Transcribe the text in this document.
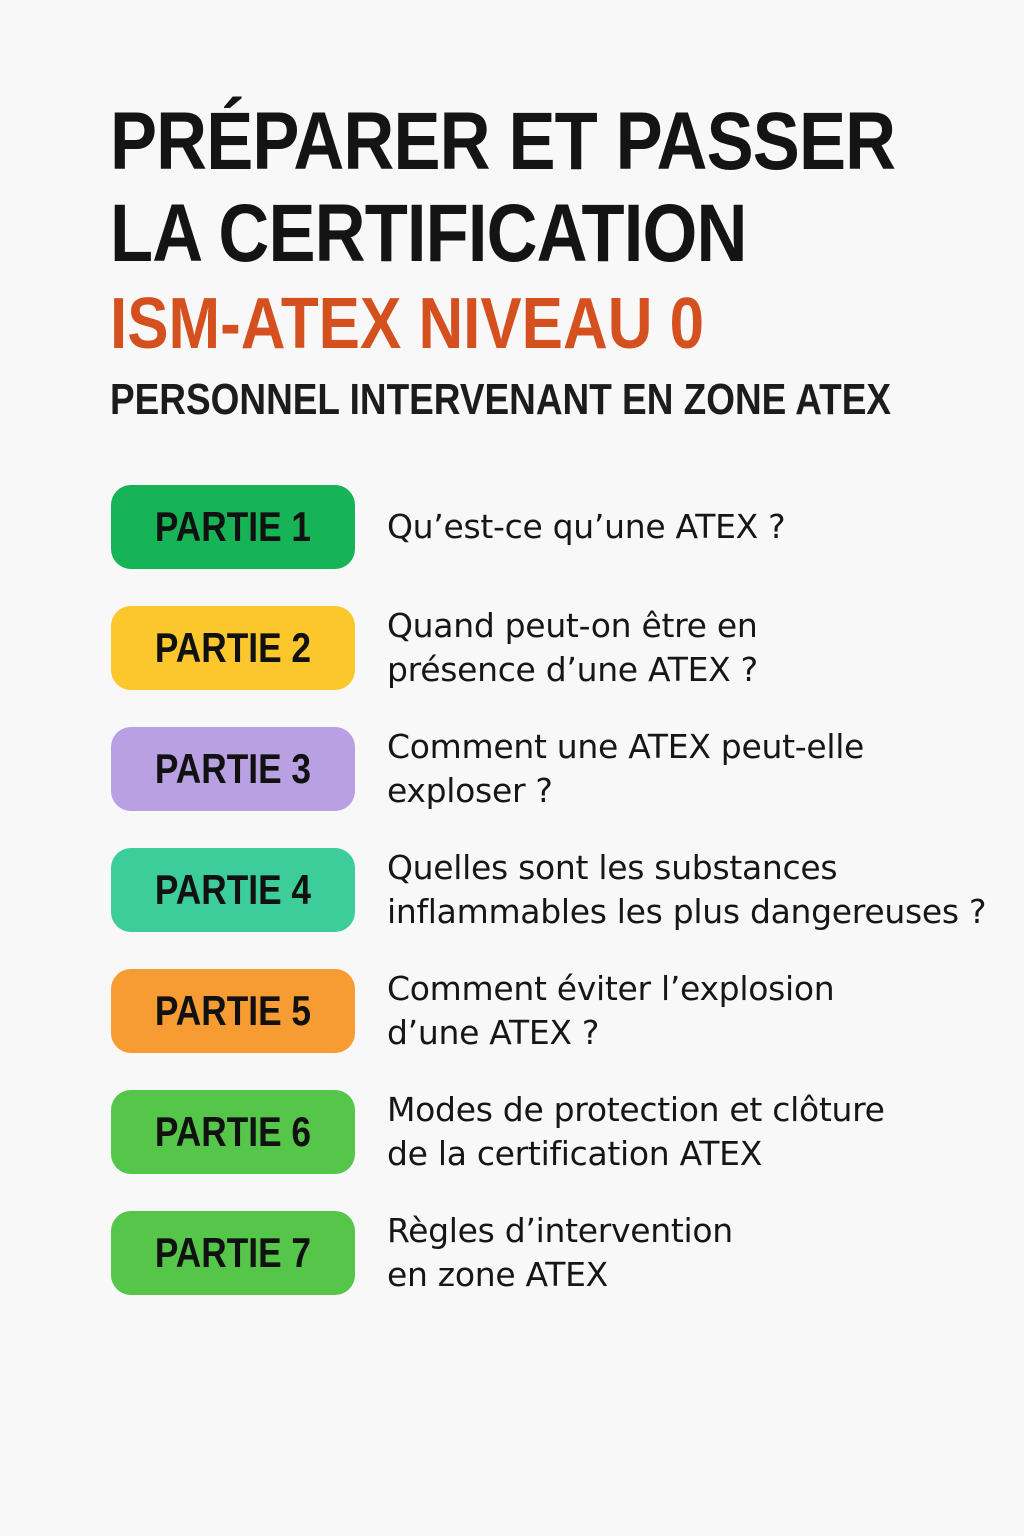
PRÉPARER ET PASSER
LA CERTIFICATION
ISM-ATEX NIVEAU 0
PERSONNEL INTERVENANT EN ZONE ATEX
PARTIE 1 Qu’est-ce qu’une ATEX ?
PARTIE 2 Quand peut-on être en
présence d’une ATEX ?
PARTIE 3 Comment une ATEX peut-elle
exploser ?
PARTIE 4 Quelles sont les substances
inflammables les plus dangereuses ?
PARTIE 5 Comment éviter l’explosion
d’une ATEX ?
PARTIE 6 Modes de protection et clôture
de la certification ATEX
PARTIE 7 Règles d’intervention
en zone ATEX
